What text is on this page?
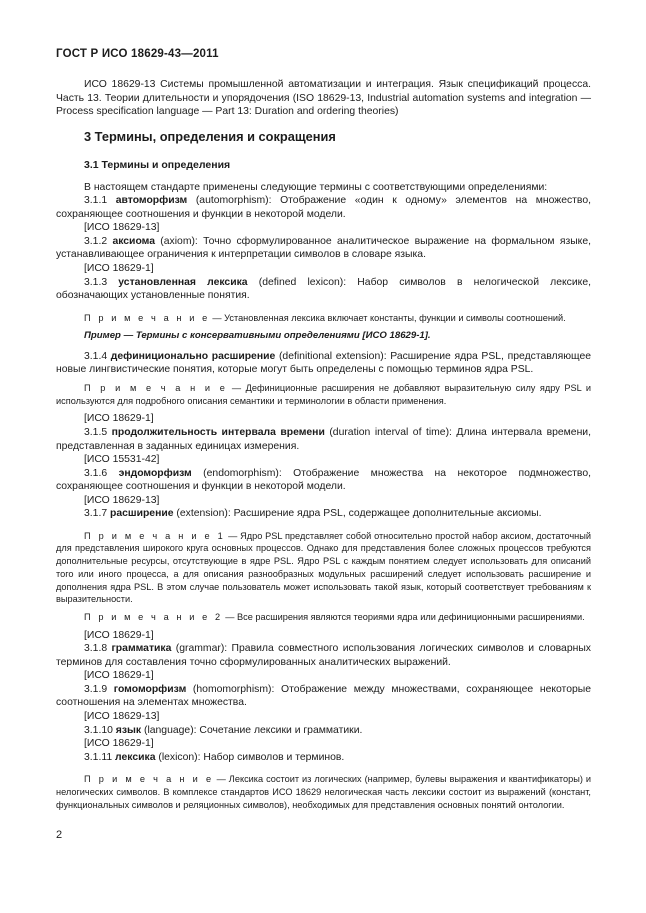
ГОСТ Р ИСО 18629-43—2011

ИСО 18629-13 Системы промышленной автоматизации и интеграция. Язык спецификаций процесса. Часть 13. Теории длительности и упорядочения (ISO 18629-13, Industrial automation systems and integration — Process specification language — Part 13: Duration and ordering theories)

3 Термины, определения и сокращения

3.1 Термины и определения

В настоящем стандарте применены следующие термины с соответствующими определениями:

3.1.1 автоморфизм (automorphism): Отображение «один к одному» элементов на множество, сохраняющее соотношения и функции в некоторой модели.

[ИСО 18629-13]

3.1.2 аксиома (axiom): Точно сформулированное аналитическое выражение на формальном языке, устанавливающее ограничения к интерпретации символов в словаре языка.

[ИСО 18629-1]

3.1.3 установленная лексика (defined lexicon): Набор символов в нелогической лексике, обозначающих установленные понятия.

П р и м е ч а н и е — Установленная лексика включает константы, функции и символы соотношений.

Пример — Термины с консервативными определениями [ИСО 18629-1].

3.1.4 дефиниционально расширение (definitional extension): Расширение ядра PSL, представляющее новые лингвистические понятия, которые могут быть определены с помощью терминов ядра PSL.

П р и м е ч а н и е — Дефиниционные расширения не добавляют выразительную силу ядру PSL и используются для подробного описания семантики и терминологии в области применения.

[ИСО 18629-1]

3.1.5 продолжительность интервала времени (duration interval of time): Длина интервала времени, представленная в заданных единицах измерения.

[ИСО 15531-42]

3.1.6 эндоморфизм (endomorphism): Отображение множества на некоторое подмножество, сохраняющее соотношения и функции в некоторой модели.

[ИСО 18629-13]

3.1.7 расширение (extension): Расширение ядра PSL, содержащее дополнительные аксиомы.

П р и м е ч а н и е 1 — Ядро PSL представляет собой относительно простой набор аксиом, достаточный для представления широкого круга основных процессов. Однако для представления более сложных процессов требуются дополнительные ресурсы, отсутствующие в ядре PSL. Ядро PSL с каждым понятием следует использовать для описаний того или иного процесса, а для описания разнообразных модульных расширений следует использовать расширение и дополнения ядра PSL. В этом случае пользователь может использовать такой язык, который соответствует требованиям к выразительности.

П р и м е ч а н и е 2 — Все расширения являются теориями ядра или дефиниционными расширениями.

[ИСО 18629-1]

3.1.8 грамматика (grammar): Правила совместного использования логических символов и словарных терминов для составления точно сформулированных аналитических выражений.

[ИСО 18629-1]

3.1.9 гомоморфизм (homomorphism): Отображение между множествами, сохраняющее некоторые соотношения на элементах множества.

[ИСО 18629-13]

3.1.10 язык (language): Сочетание лексики и грамматики.

[ИСО 18629-1]

3.1.11 лексика (lexicon): Набор символов и терминов.

П р и м е ч а н и е — Лексика состоит из логических (например, булевы выражения и квантификаторы) и нелогических символов. В комплексе стандартов ИСО 18629 нелогическая часть лексики состоит из выражений (констант, функциональных символов и реляционных символов), необходимых для представления основных понятий онтологии.

2
